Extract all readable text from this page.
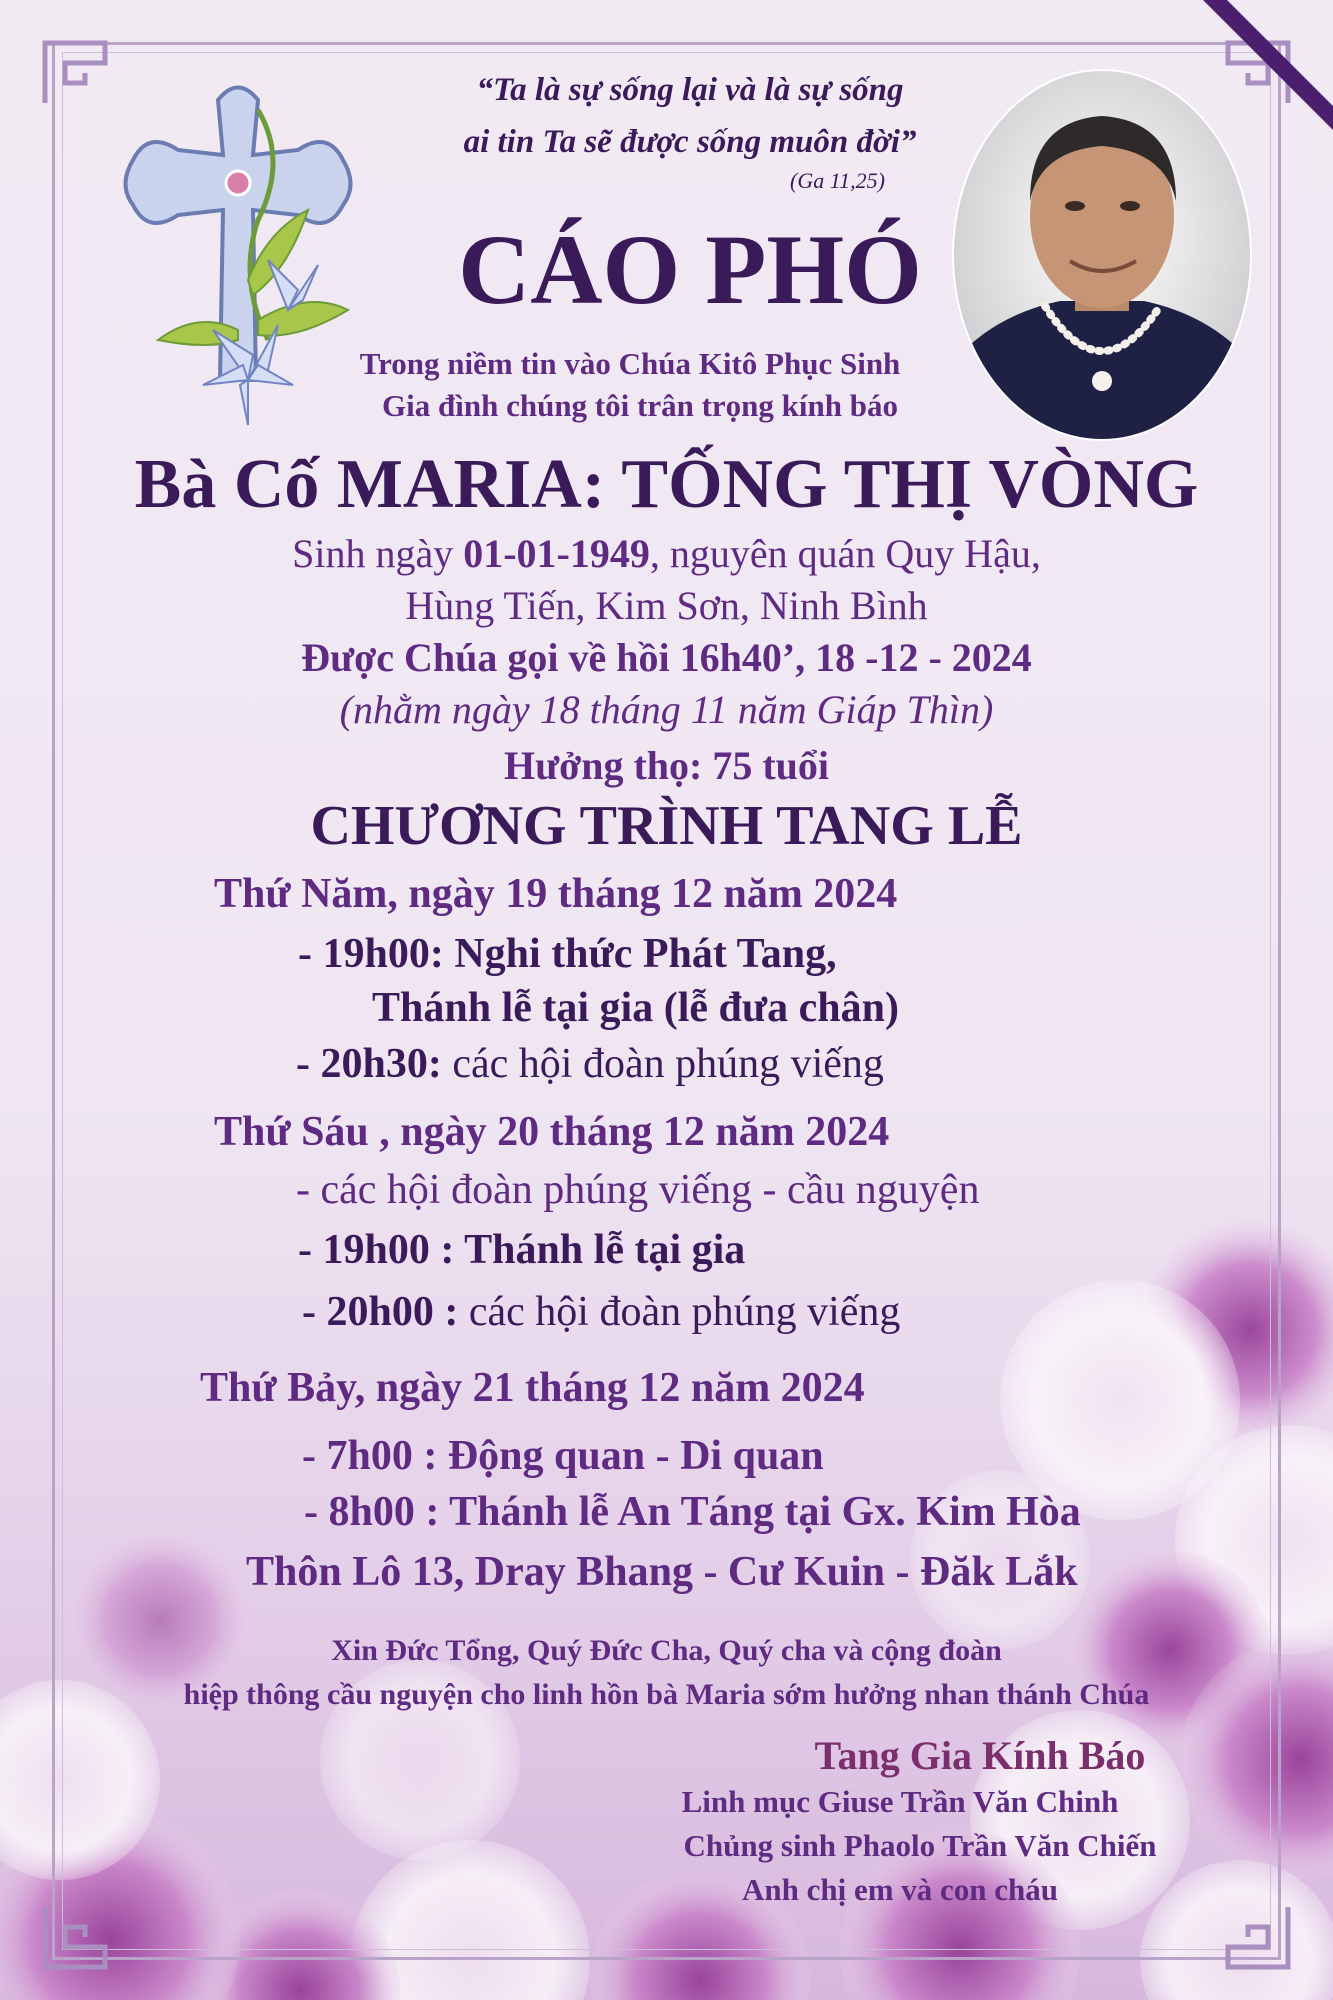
“Ta là sự sống lại và là sự sống
ai tin Ta sẽ được sống muôn đời”
(Ga 11,25)
CÁO PHÓ
Trong niềm tin vào Chúa Kitô Phục Sinh
Gia đình chúng tôi trân trọng kính báo
Bà Cố MARIA: TỐNG THỊ VÒNG
Sinh ngày 01-01-1949, nguyên quán Quy Hậu,
Hùng Tiến, Kim Sơn, Ninh Bình
Được Chúa gọi về hồi 16h40’, 18 -12 - 2024
(nhằm ngày 18 tháng 11 năm Giáp Thìn)
Hưởng thọ: 75 tuổi
CHƯƠNG TRÌNH TANG LỄ
Thứ Năm, ngày 19 tháng 12 năm 2024
- 19h00: Nghi thức Phát Tang,
Thánh lễ tại gia (lễ đưa chân)
- 20h30: các hội đoàn phúng viếng
Thứ Sáu , ngày 20 tháng 12 năm 2024
- các hội đoàn phúng viếng - cầu nguyện
- 19h00 : Thánh lễ tại gia
- 20h00 : các hội đoàn phúng viếng
Thứ Bảy, ngày 21 tháng 12 năm 2024
- 7h00 : Động quan - Di quan
- 8h00 : Thánh lễ An Táng tại Gx. Kim Hòa
Thôn Lô 13, Dray Bhang - Cư Kuin - Đăk Lắk
Xin Đức Tổng, Quý Đức Cha, Quý cha và cộng đoàn
hiệp thông cầu nguyện cho linh hồn bà Maria sớm hưởng nhan thánh Chúa
Tang Gia Kính Báo
Linh mục Giuse Trần Văn Chinh
Chủng sinh Phaolo Trần Văn Chiến
Anh chị em và con cháu
